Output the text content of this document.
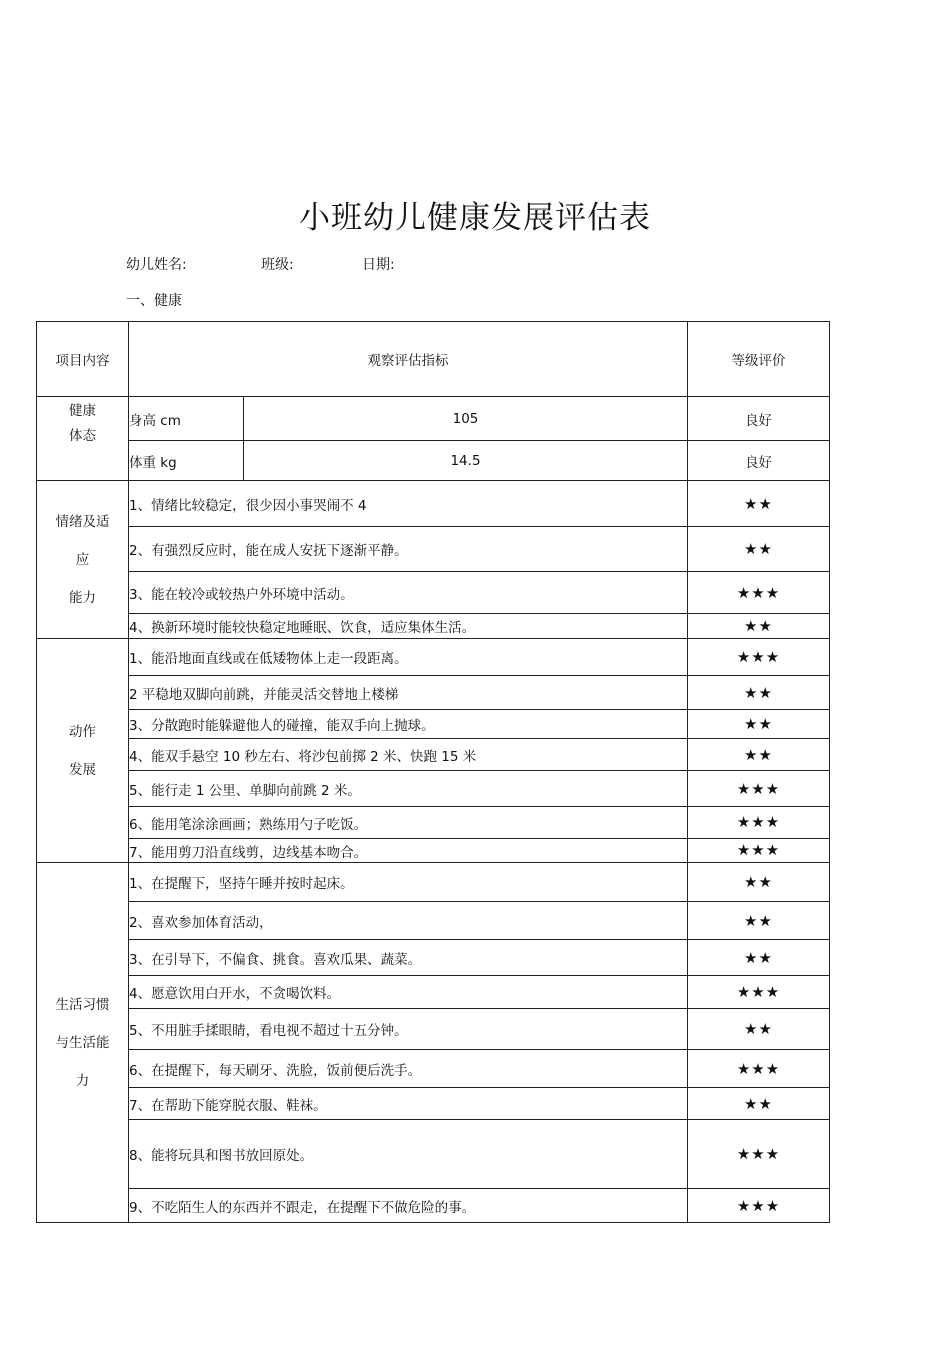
小班幼儿健康发展评估表
幼儿姓名:	班级:	日期:
一、健康
项目内容	观察评估指标		等级评价

健康
体态	身高 cm	105	良好
	体重 kg	14.5	良好

情绪及适
应
能力	1、情绪比较稳定，很少因小事哭闹不 4		★★
	2、有强烈反应时，能在成人安抚下逐渐平静。		★★
	3、能在较冷或较热户外环境中活动。		★★★
	4、换新环境时能较快稳定地睡眠、饮食，适应集体生活。		★★

动作
发展	1、能沿地面直线或在低矮物体上走一段距离。		★★★
	2 平稳地双脚向前跳，并能灵活交替地上楼梯		★★
	3、分散跑时能躲避他人的碰撞，能双手向上抛球。		★★
	4、能双手悬空 10 秒左右、将沙包前掷 2 米、快跑 15 米		★★
	5、能行走 1 公里、单脚向前跳 2 米。		★★★
	6、能用笔涂涂画画；熟练用勺子吃饭。		★★★
	7、能用剪刀沿直线剪，边线基本吻合。		★★★

生活习惯
与生活能
力	1、在提醒下，坚持午睡并按时起床。		★★
	2、喜欢参加体育活动，		★★
	3、在引导下，不偏食、挑食。喜欢瓜果、蔬菜。		★★
	4、愿意饮用白开水，不贪喝饮料。		★★★
	5、不用脏手揉眼睛，看电视不超过十五分钟。		★★
	6、在提醒下，每天刷牙、洗脸，饭前便后洗手。		★★★
	7、在帮助下能穿脱衣服、鞋袜。		★★
	8、能将玩具和图书放回原处。		★★★
	9、不吃陌生人的东西并不跟走，在提醒下不做危险的事。		★★★
